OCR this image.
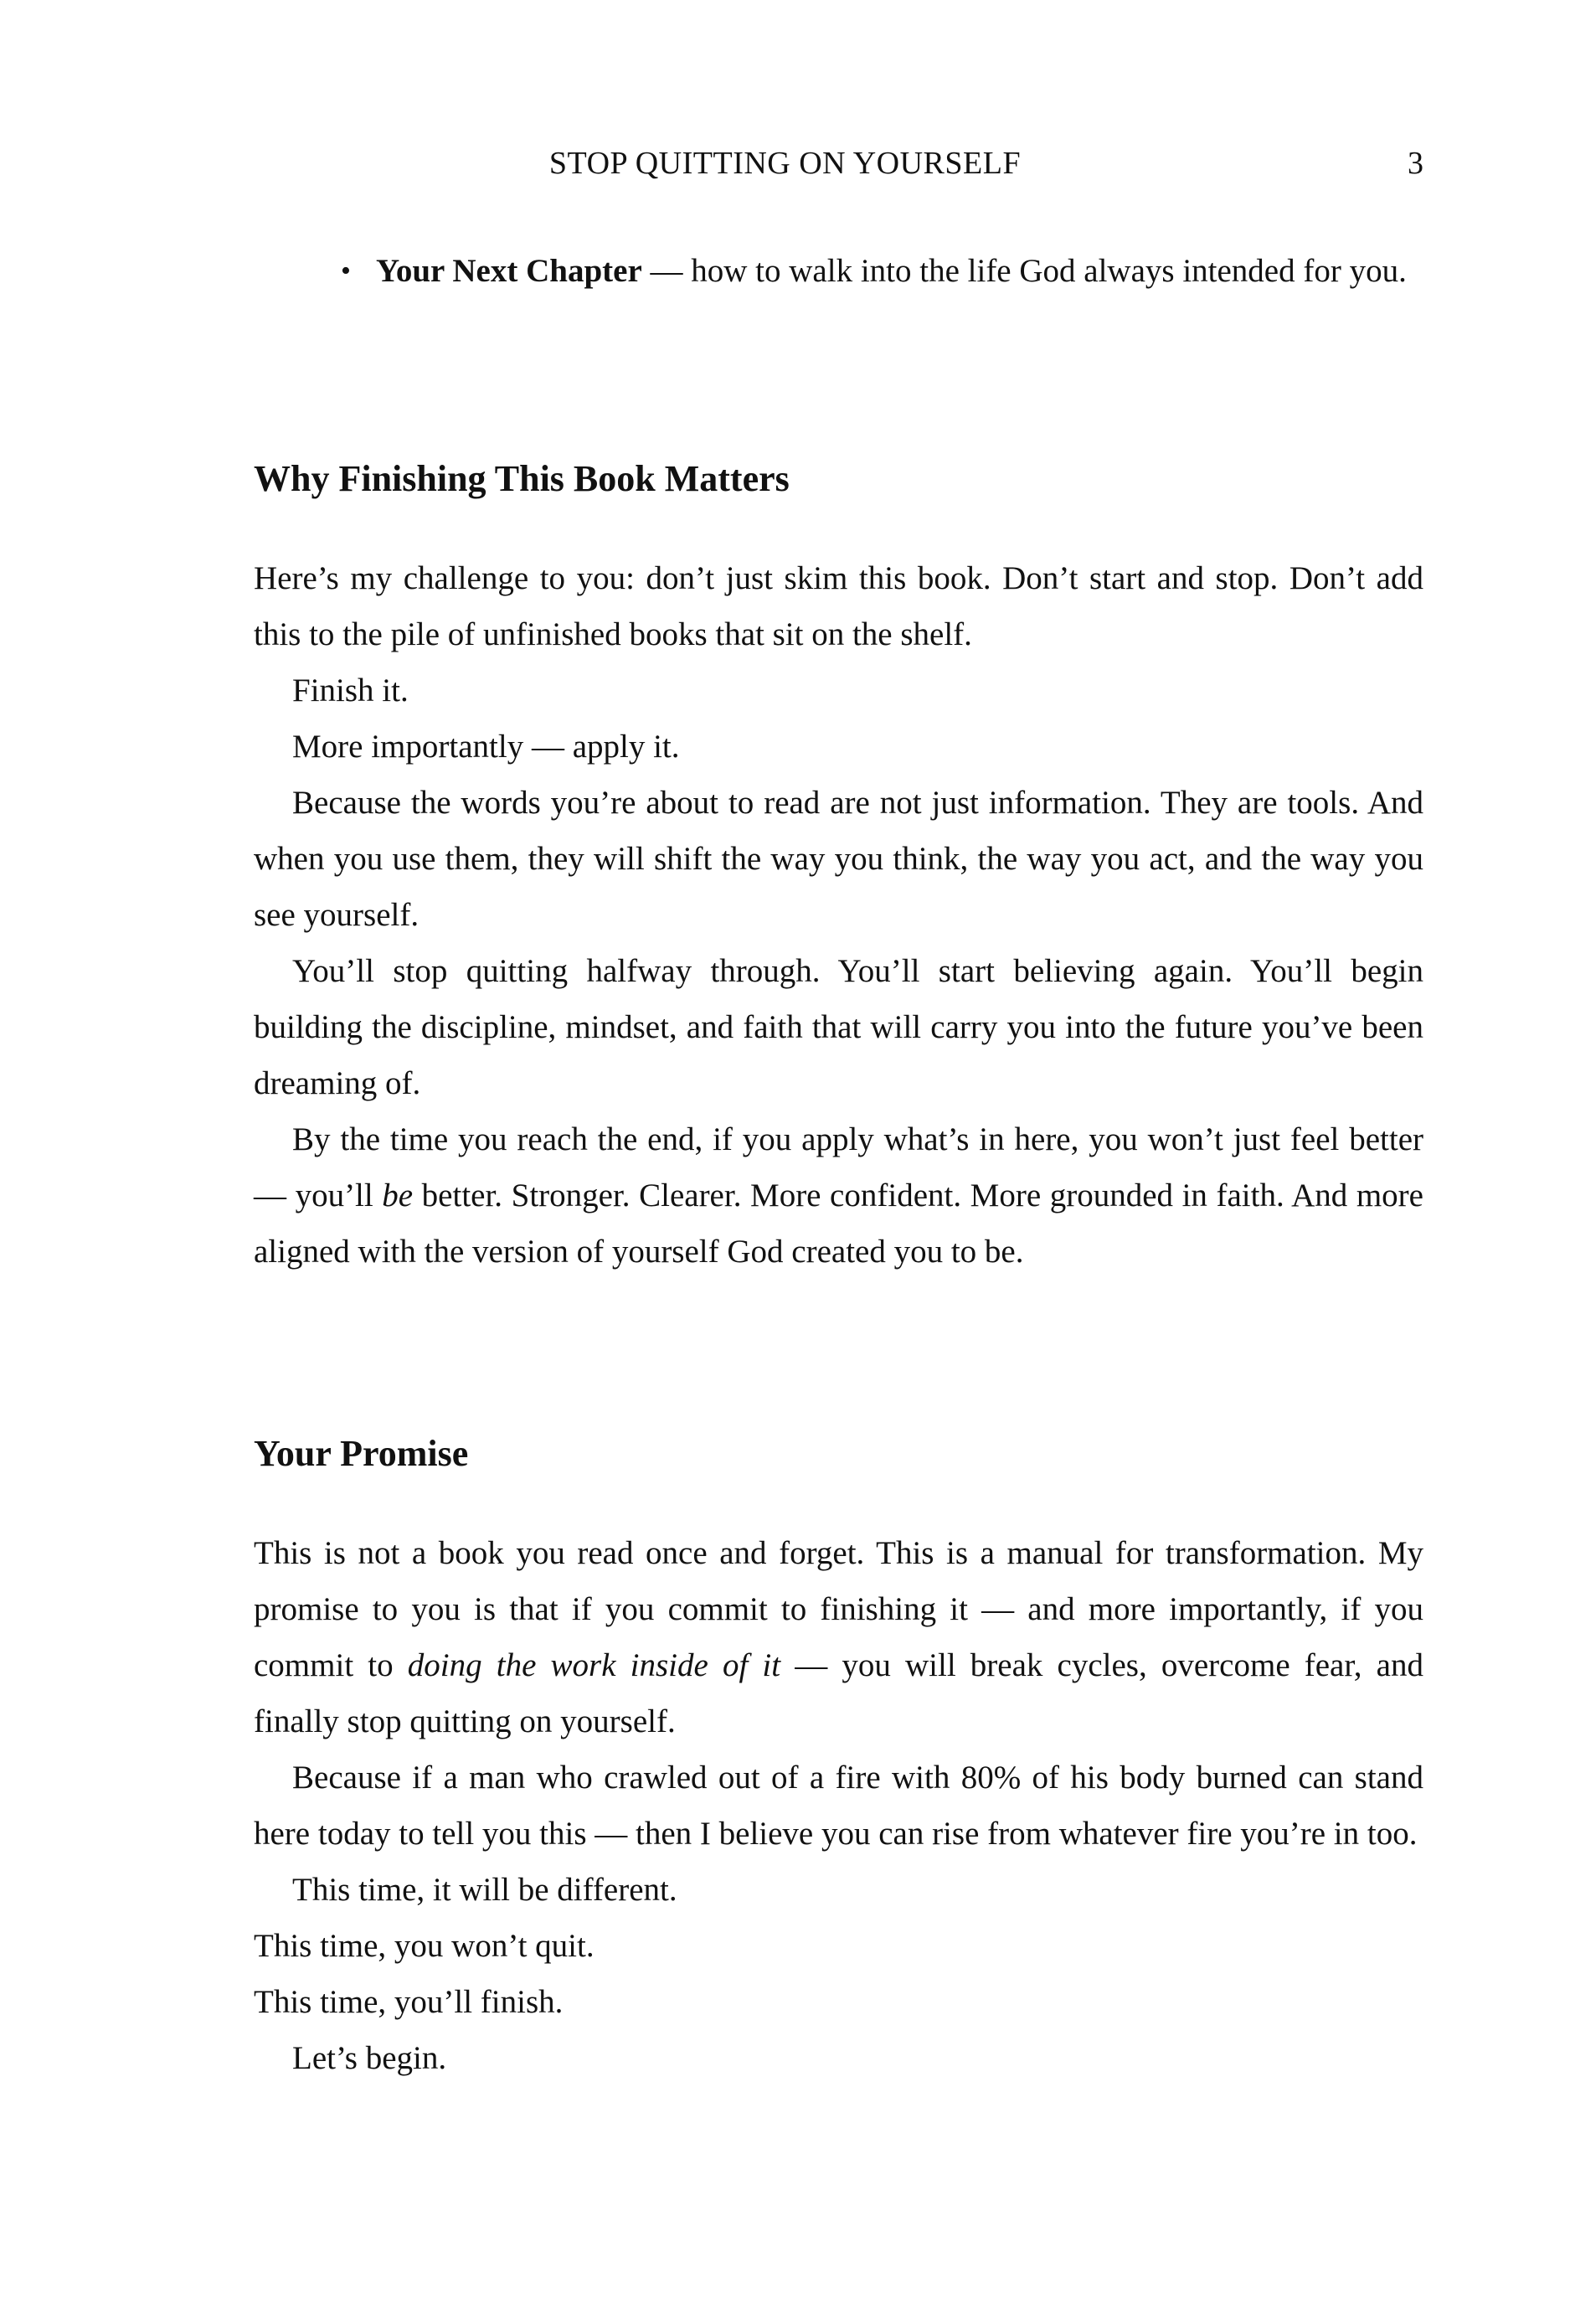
STOP QUITTING ON YOURSELF	3

• Your Next Chapter — how to walk into the life God always intended for you.

Why Finishing This Book Matters

Here’s my challenge to you: don’t just skim this book. Don’t start and stop. Don’t add this to the pile of unfinished books that sit on the shelf.

Finish it.

More importantly — apply it.

Because the words you’re about to read are not just information. They are tools. And when you use them, they will shift the way you think, the way you act, and the way you see yourself.

You’ll stop quitting halfway through. You’ll start believing again. You’ll begin building the discipline, mindset, and faith that will carry you into the future you’ve been dreaming of.

By the time you reach the end, if you apply what’s in here, you won’t just feel better — you’ll be better. Stronger. Clearer. More confident. More grounded in faith. And more aligned with the version of yourself God created you to be.

Your Promise

This is not a book you read once and forget. This is a manual for transformation. My promise to you is that if you commit to finishing it — and more importantly, if you commit to doing the work inside of it — you will break cycles, overcome fear, and finally stop quitting on yourself.

Because if a man who crawled out of a fire with 80% of his body burned can stand here today to tell you this — then I believe you can rise from whatever fire you’re in too.

This time, it will be different.

This time, you won’t quit.

This time, you’ll finish.

Let’s begin.
